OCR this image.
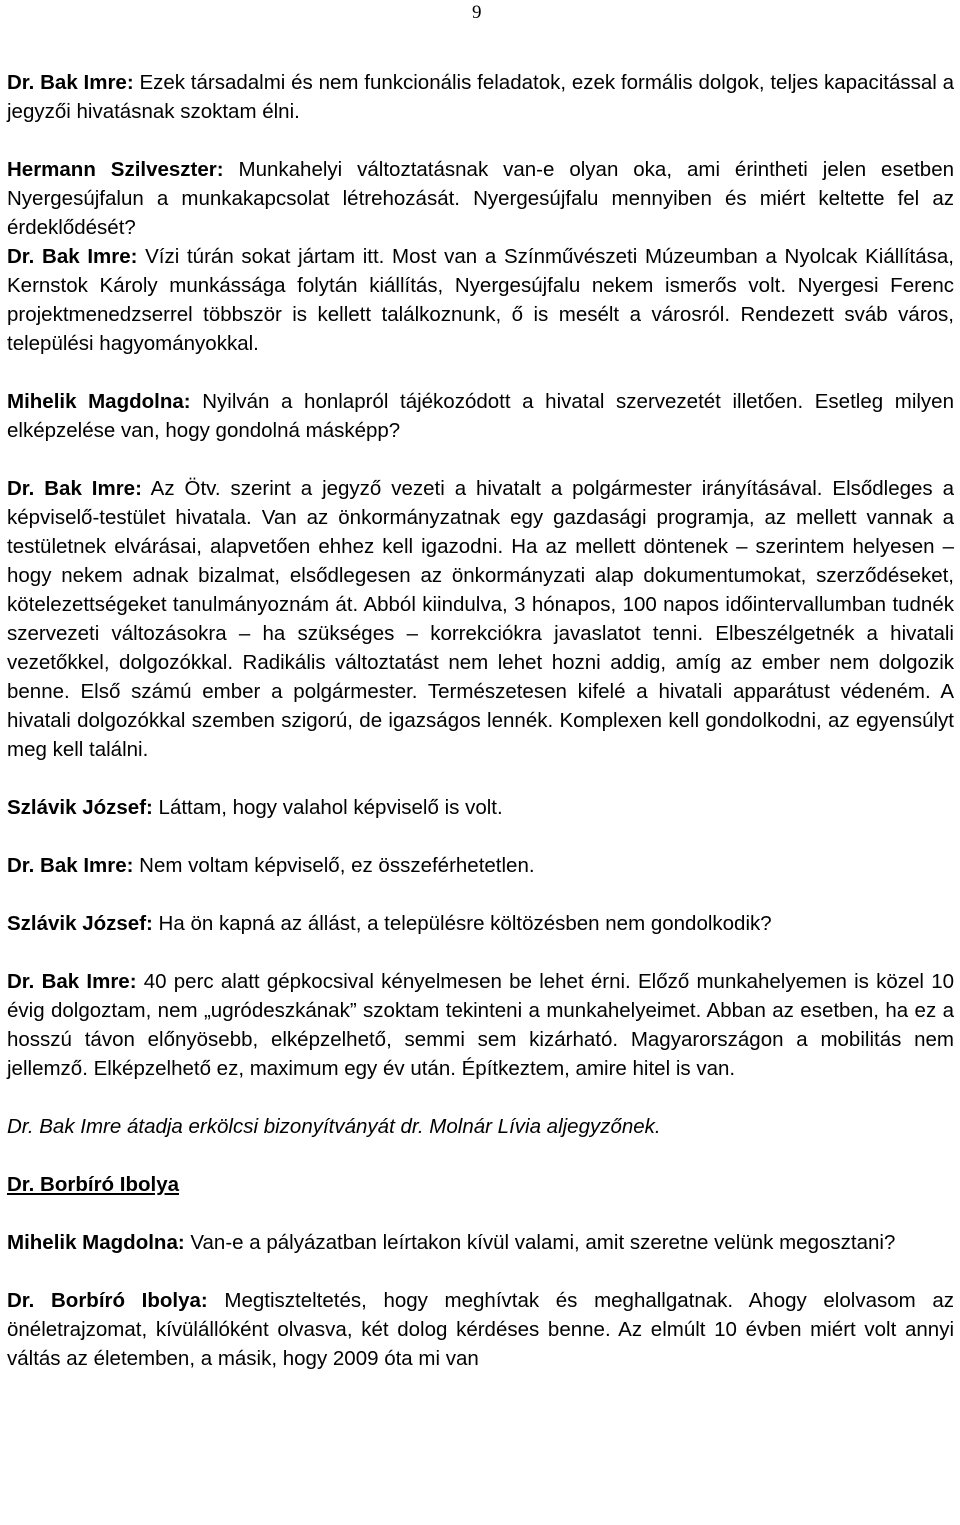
9

Dr. Bak Imre: Ezek társadalmi és nem funkcionális feladatok, ezek formális dolgok, teljes kapacitással a jegyzői hivatásnak szoktam élni.

Hermann Szilveszter: Munkahelyi változtatásnak van-e olyan oka, ami érintheti jelen esetben Nyergesújfalun a munkakapcsolat létrehozását. Nyergesújfalu mennyiben és miért keltette fel az érdeklődését?

Dr. Bak Imre: Vízi túrán sokat jártam itt. Most van a Színművészeti Múzeumban a Nyolcak Kiállítása, Kernstok Károly munkássága folytán kiállítás, Nyergesújfalu nekem ismerős volt. Nyergesi Ferenc projektmenedzserrel többször is kellett találkoznunk, ő is mesélt a városról. Rendezett sváb város, települési hagyományokkal.

Mihelik Magdolna: Nyilván a honlapról tájékozódott a hivatal szervezetét illetően. Esetleg milyen elképzelése van, hogy gondolná másképp?

Dr. Bak Imre: Az Ötv. szerint a jegyző vezeti a hivatalt a polgármester irányításával. Elsődleges a képviselő-testület hivatala. Van az önkormányzatnak egy gazdasági programja, az mellett vannak a testületnek elvárásai, alapvetően ehhez kell igazodni. Ha az mellett döntenek – szerintem helyesen – hogy nekem adnak bizalmat, elsődlegesen az önkormányzati alap dokumentumokat, szerződéseket, kötelezettségeket tanulmányoznám át. Abból kiindulva, 3 hónapos, 100 napos időintervallumban tudnék szervezeti változásokra – ha szükséges – korrekciókra javaslatot tenni. Elbeszélgetnék a hivatali vezetőkkel, dolgozókkal. Radikális változtatást nem lehet hozni addig, amíg az ember nem dolgozik benne. Első számú ember a polgármester. Természetesen kifelé a hivatali apparátust védeném. A hivatali dolgozókkal szemben szigorú, de igazságos lennék. Komplexen kell gondolkodni, az egyensúlyt meg kell találni.

Szlávik József: Láttam, hogy valahol képviselő is volt.

Dr. Bak Imre: Nem voltam képviselő, ez összeférhetetlen.

Szlávik József: Ha ön kapná az állást, a településre költözésben nem gondolkodik?

Dr. Bak Imre: 40 perc alatt gépkocsival kényelmesen be lehet érni. Előző munkahelyemen is közel 10 évig dolgoztam, nem „ugródeszkának” szoktam tekinteni a munkahelyeimet. Abban az esetben, ha ez a hosszú távon előnyösebb, elképzelhető, semmi sem kizárható. Magyarországon a mobilitás nem jellemző. Elképzelhető ez, maximum egy év után. Építkeztem, amire hitel is van.

Dr. Bak Imre átadja erkölcsi bizonyítványát dr. Molnár Lívia aljegyzőnek.

Dr. Borbíró Ibolya

Mihelik Magdolna: Van-e a pályázatban leírtakon kívül valami, amit szeretne velünk megosztani?

Dr. Borbíró Ibolya: Megtiszteltetés, hogy meghívtak és meghallgatnak. Ahogy elolvasom az önéletrajzomat, kívülállóként olvasva, két dolog kérdéses benne. Az elmúlt 10 évben miért volt annyi váltás az életemben, a másik, hogy 2009 óta mi van
